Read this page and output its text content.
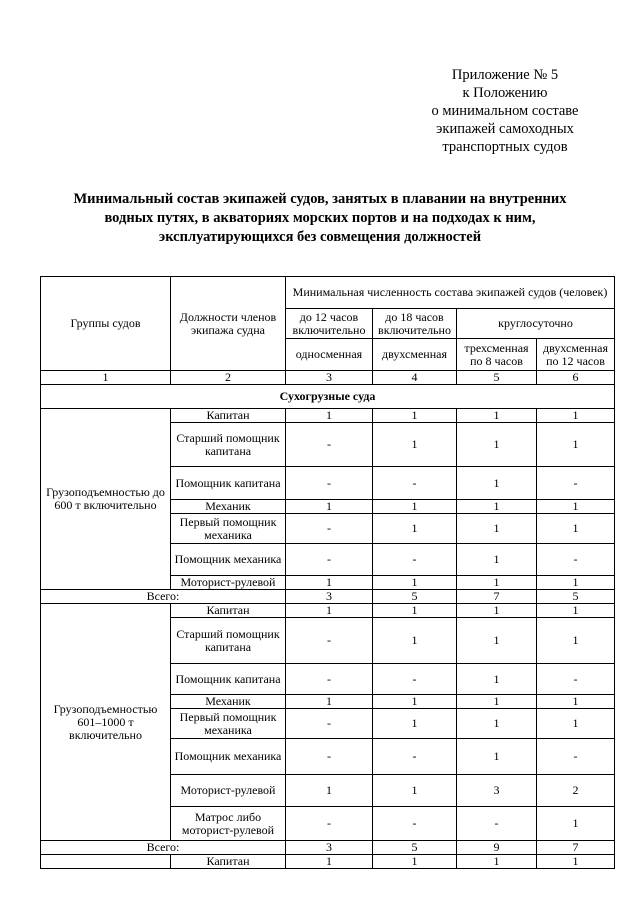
Приложение № 5
к Положению
о минимальном составе
экипажей самоходных
транспортных судов
Минимальный состав экипажей судов, занятых в плавании на внутренних
водных путях, в акваториях морских портов и на подходах к ним,
эксплуатирующихся без совмещения должностей
Группы судов	Должности членов экипажа судна	Минимальная численность состава экипажей судов (человек)			
		до 12 часов включительно	до 18 часов включительно	круглосуточно	
		односменная	двухсменная	трехсменная по 8 часов	двухсменная по 12 часов
1	2	3	4	5	6
Сухогрузные суда					
Грузоподъемностью до 600 т включительно	Капитан	1	1	1	1
	Старший помощник капитана	-	1	1	1
	Помощник капитана	-	-	1	-
	Механик	1	1	1	1
	Первый помощник механика	-	1	1	1
	Помощник механика	-	-	1	-
	Моторист-рулевой	1	1	1	1
Всего:		3	5	7	5
Грузоподъемностью 601–1000 т включительно	Капитан	1	1	1	1
	Старший помощник капитана	-	1	1	1
	Помощник капитана	-	-	1	-
	Механик	1	1	1	1
	Первый помощник механика	-	1	1	1
	Помощник механика	-	-	1	-
	Моторист-рулевой	1	1	3	2
	Матрос либо моторист-рулевой	-	-	-	1
Всего:		3	5	9	7
	Капитан	1	1	1	1
